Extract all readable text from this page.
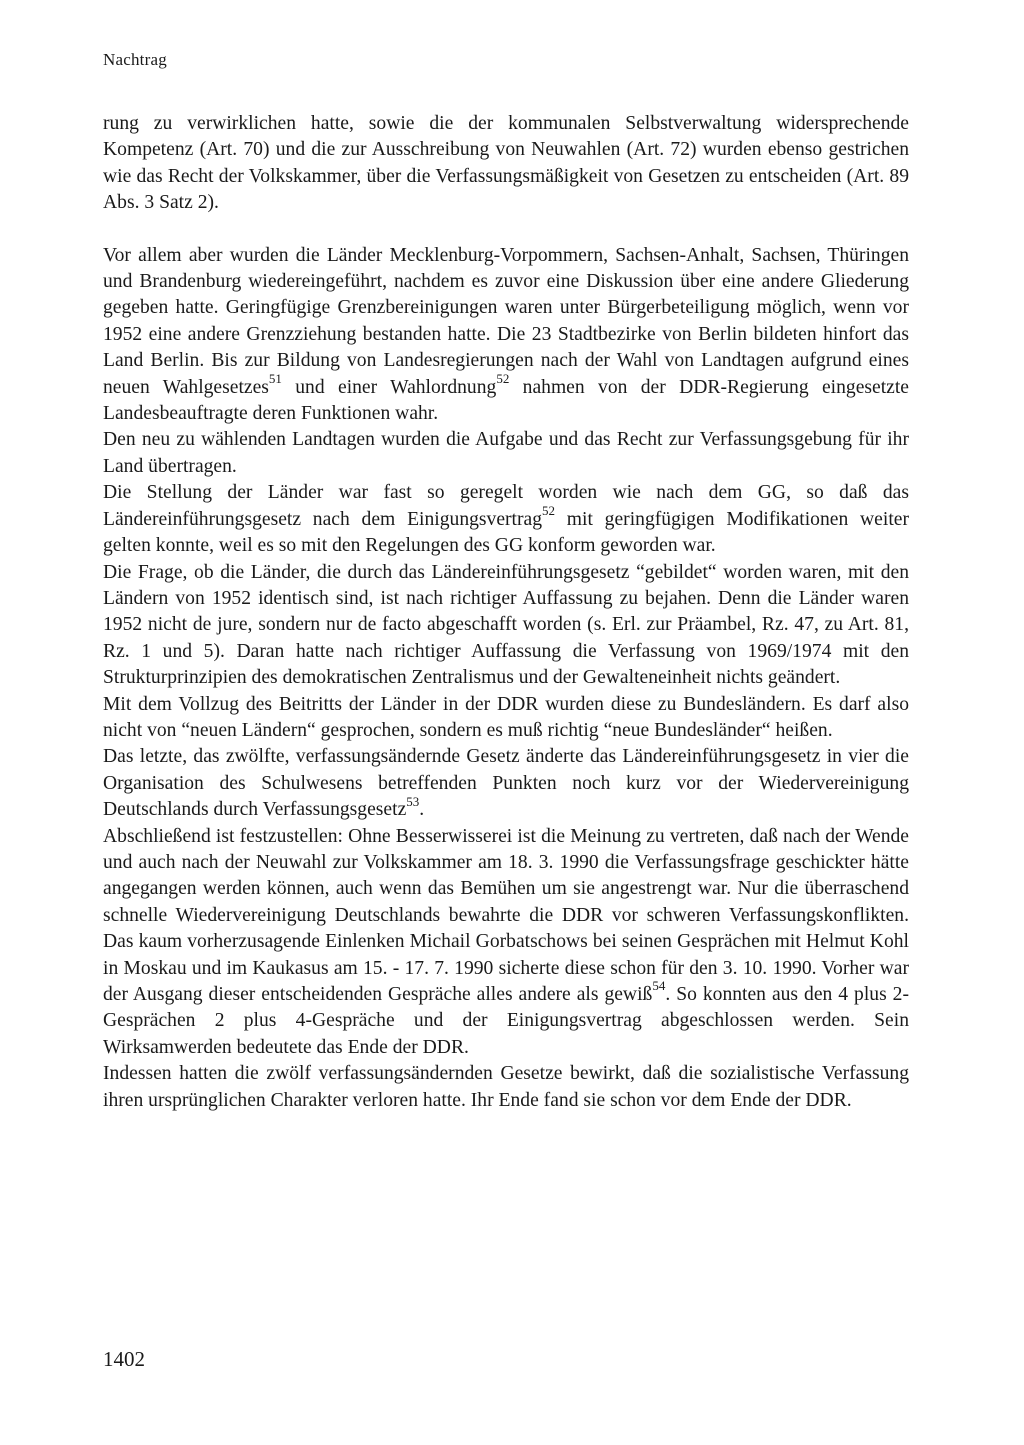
Nachtrag

rung zu verwirklichen hatte, sowie die der kommunalen Selbstverwaltung widersprechende Kompetenz (Art. 70) und die zur Ausschreibung von Neuwahlen (Art. 72) wurden ebenso gestrichen wie das Recht der Volkskammer, über die Verfassungsmäßigkeit von Gesetzen zu entscheiden (Art. 89 Abs. 3 Satz 2).

Vor allem aber wurden die Länder Mecklenburg-Vorpommern, Sachsen-Anhalt, Sachsen, Thüringen und Brandenburg wiedereingeführt, nachdem es zuvor eine Diskussion über eine andere Gliederung gegeben hatte. Geringfügige Grenzbereinigungen waren unter Bürgerbeteiligung möglich, wenn vor 1952 eine andere Grenzziehung bestanden hatte. Die 23 Stadtbezirke von Berlin bildeten hinfort das Land Berlin. Bis zur Bildung von Landesregierungen nach der Wahl von Landtagen aufgrund eines neuen Wahlgesetzes$^{51}$ und einer Wahlordnung$^{52}$ nahmen von der DDR-Regierung eingesetzte Landesbeauftragte deren Funktionen wahr.

Den neu zu wählenden Landtagen wurden die Aufgabe und das Recht zur Verfassungsgebung für ihr Land übertragen.

Die Stellung der Länder war fast so geregelt worden wie nach dem GG, so daß das Ländereinführungsgesetz nach dem Einigungsvertrag$^{52}$ mit geringfügigen Modifikationen weiter gelten konnte, weil es so mit den Regelungen des GG konform geworden war.

Die Frage, ob die Länder, die durch das Ländereinführungsgesetz “gebildet“ worden waren, mit den Ländern von 1952 identisch sind, ist nach richtiger Auffassung zu bejahen. Denn die Länder waren 1952 nicht de jure, sondern nur de facto abgeschafft worden (s. Erl. zur Präambel, Rz. 47, zu Art. 81, Rz. 1 und 5). Daran hatte nach richtiger Auffassung die Verfassung von 1969/1974 mit den Strukturprinzipien des demokratischen Zentralismus und der Gewalteneinheit nichts geändert.

Mit dem Vollzug des Beitritts der Länder in der DDR wurden diese zu Bundesländern. Es darf also nicht von “neuen Ländern“ gesprochen, sondern es muß richtig “neue Bundesländer“ heißen.

Das letzte, das zwölfte, verfassungsändernde Gesetz änderte das Ländereinführungsgesetz in vier die Organisation des Schulwesens betreffenden Punkten noch kurz vor der Wiedervereinigung Deutschlands durch Verfassungsgesetz$^{53}$.

Abschließend ist festzustellen: Ohne Besserwisserei ist die Meinung zu vertreten, daß nach der Wende und auch nach der Neuwahl zur Volkskammer am 18. 3. 1990 die Verfassungsfrage geschickter hätte angegangen werden können, auch wenn das Bemühen um sie angestrengt war. Nur die überraschend schnelle Wiedervereinigung Deutschlands bewahrte die DDR vor schweren Verfassungskonflikten. Das kaum vorherzusagende Einlenken Michail Gorbatschows bei seinen Gesprächen mit Helmut Kohl in Moskau und im Kaukasus am 15. - 17. 7. 1990 sicherte diese schon für den 3. 10. 1990. Vorher war der Ausgang dieser entscheidenden Gespräche alles andere als gewiß$^{54}$. So konnten aus den 4 plus 2-Gesprächen 2 plus 4-Gespräche und der Einigungsvertrag abgeschlossen werden. Sein Wirksamwerden bedeutete das Ende der DDR.

Indessen hatten die zwölf verfassungsändernden Gesetze bewirkt, daß die sozialistische Verfassung ihren ursprünglichen Charakter verloren hatte. Ihr Ende fand sie schon vor dem Ende der DDR.

1402
